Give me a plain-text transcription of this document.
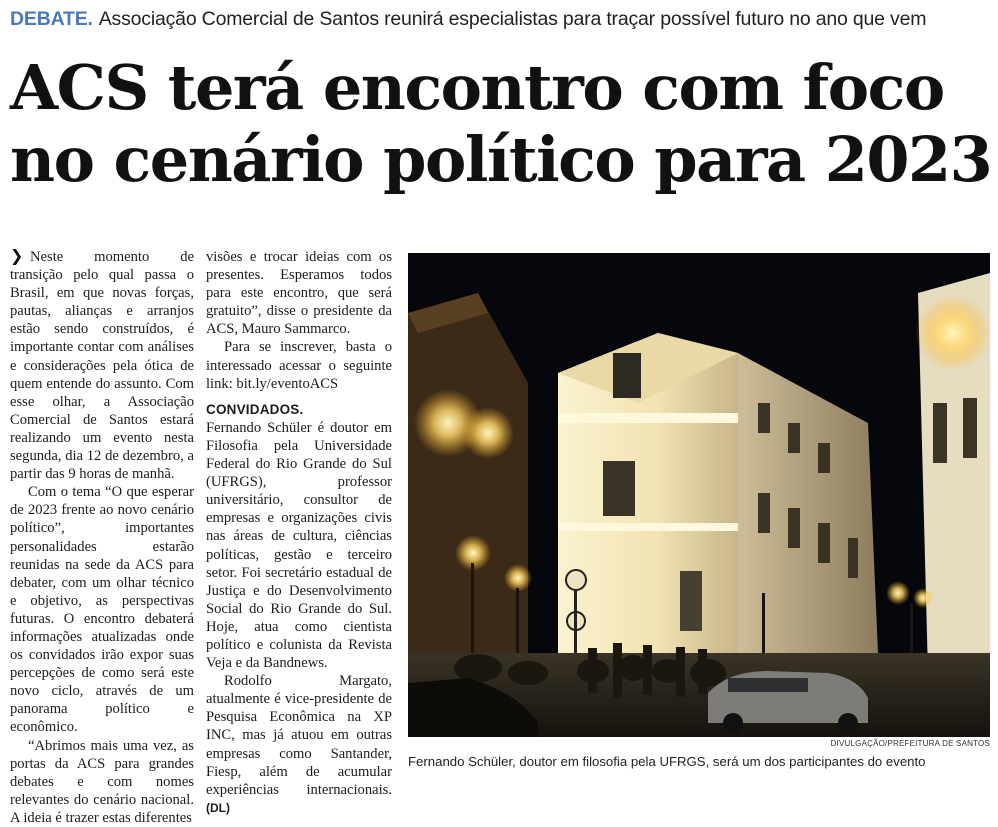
DEBATE. Associação Comercial de Santos reunirá especialistas para traçar possível futuro no ano que vem
ACS terá encontro com foco
no cenário político para 2023

❯ Neste momento de transição pelo qual passa o Brasil, em que novas forças, pautas, alianças e arranjos estão sendo construídos, é importante contar com análises e considerações pela ótica de quem entende do assunto. Com esse olhar, a Associação Comercial de Santos estará realizando um evento nesta segunda, dia 12 de dezembro, a partir das 9 horas de manhã.

Com o tema “O que esperar de 2023 frente ao novo cenário político”, importantes personalidades estarão reunidas na sede da ACS para debater, com um olhar técnico e objetivo, as perspectivas futuras. O encontro debaterá informações atualizadas onde os convidados irão expor suas percepções de como será este novo ciclo, através de um panorama político e econômico.

“Abrimos mais uma vez, as portas da ACS para grandes debates e com nomes relevantes do cenário nacional. A ideia é trazer estas diferentes

visões e trocar ideias com os presentes. Esperamos todos para este encontro, que será gratuito”, disse o presidente da ACS, Mauro Sammarco.

Para se inscrever, basta o interessado acessar o seguinte link: bit.ly/eventoACS

CONVIDADOS.

Fernando Schüler é doutor em Filosofia pela Universidade Federal do Rio Grande do Sul (UFRGS), professor universitário, consultor de empresas e organizações civis nas áreas de cultura, ciências políticas, gestão e terceiro setor. Foi secretário estadual de Justiça e do Desenvolvimento Social do Rio Grande do Sul. Hoje, atua como cientista político e colunista da Revista Veja e da Bandnews.

Rodolfo Margato, atualmente é vice-presidente de Pesquisa Econômica na XP INC, mas já atuou em outras empresas como Santander, Fiesp, além de acumular experiências internacionais. (DL)

DIVULGAÇÃO/PREFEITURA DE SANTOS
Fernando Schüler, doutor em filosofia pela UFRGS, será um dos participantes do evento
